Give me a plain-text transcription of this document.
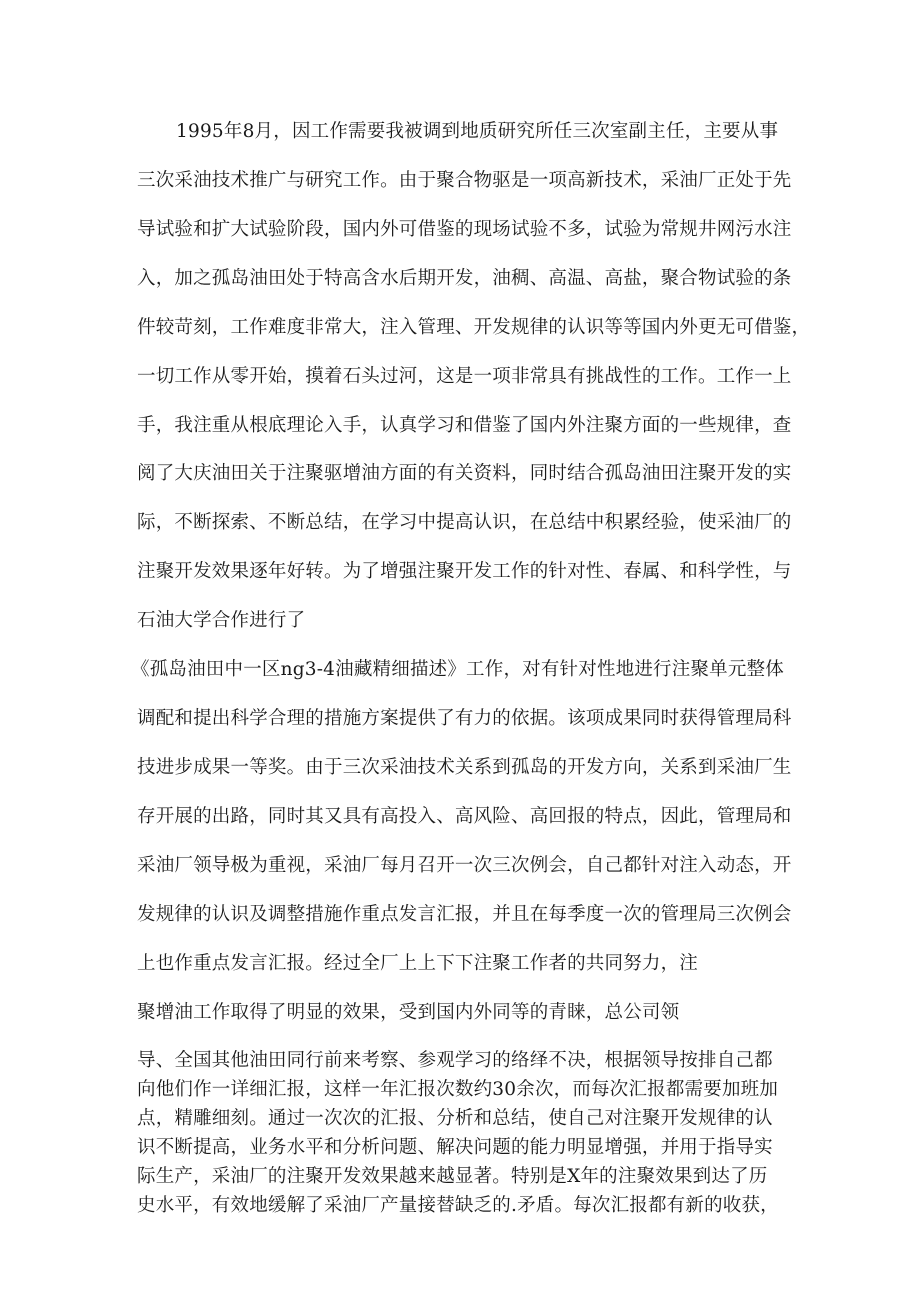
1995年8月，因工作需要我被调到地质研究所任三次室副主任，主要从事
三次采油技术推广与研究工作。由于聚合物驱是一项高新技术，采油厂正处于先
导试验和扩大试验阶段，国内外可借鉴的现场试验不多，试验为常规井网污水注
入，加之孤岛油田处于特高含水后期开发，油稠、高温、高盐，聚合物试验的条
件较苛刻，工作难度非常大，注入管理、开发规律的认识等等国内外更无可借鉴，
一切工作从零开始，摸着石头过河，这是一项非常具有挑战性的工作。工作一上
手，我注重从根底理论入手，认真学习和借鉴了国内外注聚方面的一些规律，查
阅了大庆油田关于注聚驱增油方面的有关资料，同时结合孤岛油田注聚开发的实
际，不断探索、不断总结，在学习中提高认识，在总结中积累经验，使采油厂的
注聚开发效果逐年好转。为了增强注聚开发工作的针对性、春属、和科学性，与
石油大学合作进行了
《孤岛油田中一区ng3-4油藏精细描述》工作，对有针对性地进行注聚单元整体
调配和提出科学合理的措施方案提供了有力的依据。该项成果同时获得管理局科
技进步成果一等奖。由于三次采油技术关系到孤岛的开发方向，关系到采油厂生
存开展的出路，同时其又具有高投入、高风险、高回报的特点，因此，管理局和
采油厂领导极为重视，采油厂每月召开一次三次例会，自己都针对注入动态，开
发规律的认识及调整措施作重点发言汇报，并且在每季度一次的管理局三次例会
上也作重点发言汇报。经过全厂上上下下注聚工作者的共同努力，注
聚增油工作取得了明显的效果，受到国内外同等的青睐，总公司领
导、全国其他油田同行前来考察、参观学习的络绎不决，根据领导按排自己都
向他们作一详细汇报，这样一年汇报次数约30余次，而每次汇报都需要加班加
点，精雕细刻。通过一次次的汇报、分析和总结，使自己对注聚开发规律的认
识不断提高，业务水平和分析问题、解决问题的能力明显增强，并用于指导实
际生产，采油厂的注聚开发效果越来越显著。特别是X年的注聚效果到达了历
史水平，有效地缓解了采油厂产量接替缺乏的.矛盾。每次汇报都有新的收获，
